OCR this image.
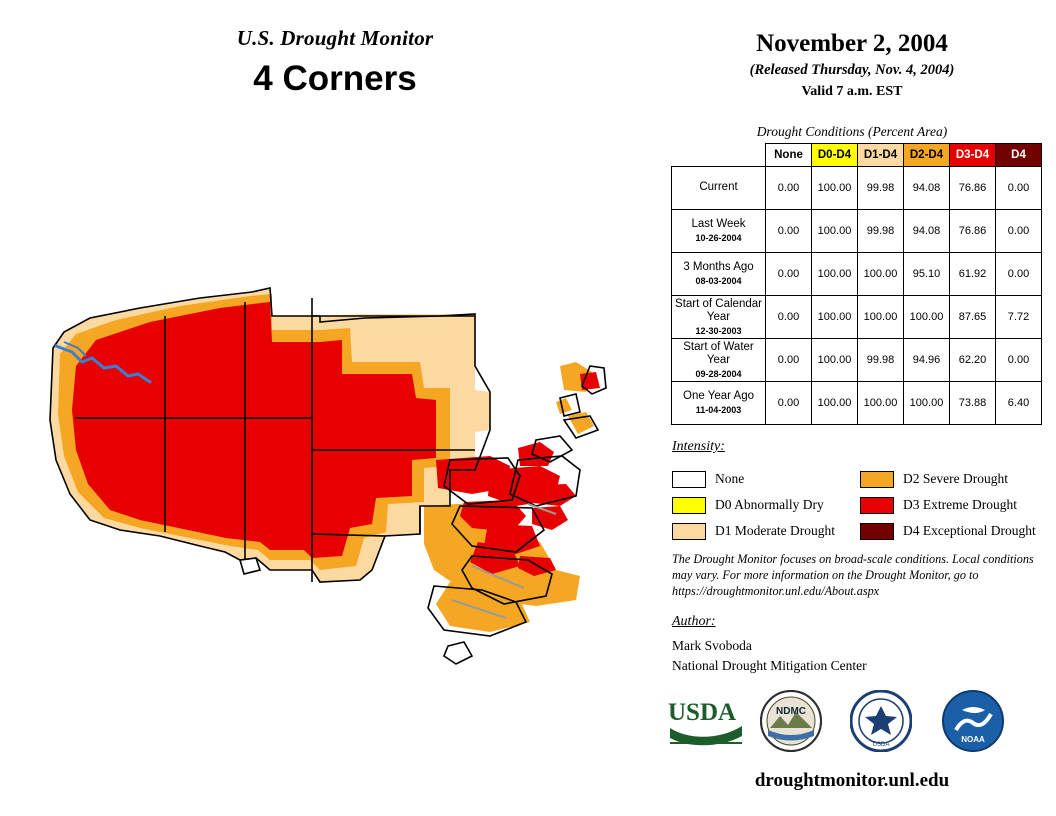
U.S. Drought Monitor
4 Corners
November 2, 2004
(Released Thursday, Nov. 4, 2004)
Valid 7 a.m. EST
Drought Conditions (Percent Area)
	None	D0-D4	D1-D4	D2-D4	D3-D4	D4
Current	0.00	100.00	99.98	94.08	76.86	0.00
Last Week
10-26-2004	0.00	100.00	99.98	94.08	76.86	0.00
3 Months Ago
08-03-2004	0.00	100.00	100.00	95.10	61.92	0.00
Start of Calendar Year
12-30-2003	0.00	100.00	100.00	100.00	87.65	7.72
Start of Water Year
09-28-2004	0.00	100.00	99.98	94.96	62.20	0.00
One Year Ago
11-04-2003	0.00	100.00	100.00	100.00	73.88	6.40
Intensity:
None
D0 Abnormally Dry
D1 Moderate Drought
D2 Severe Drought
D3 Extreme Drought
D4 Exceptional Drought
The Drought Monitor focuses on broad-scale conditions. Local conditions may vary. For more information on the Drought Monitor, go to https://droughtmonitor.unl.edu/About.aspx
Author:
Mark Svoboda
National Drought Mitigation Center
USDA	NDMC
USDA
NOAA
droughtmonitor.unl.edu
